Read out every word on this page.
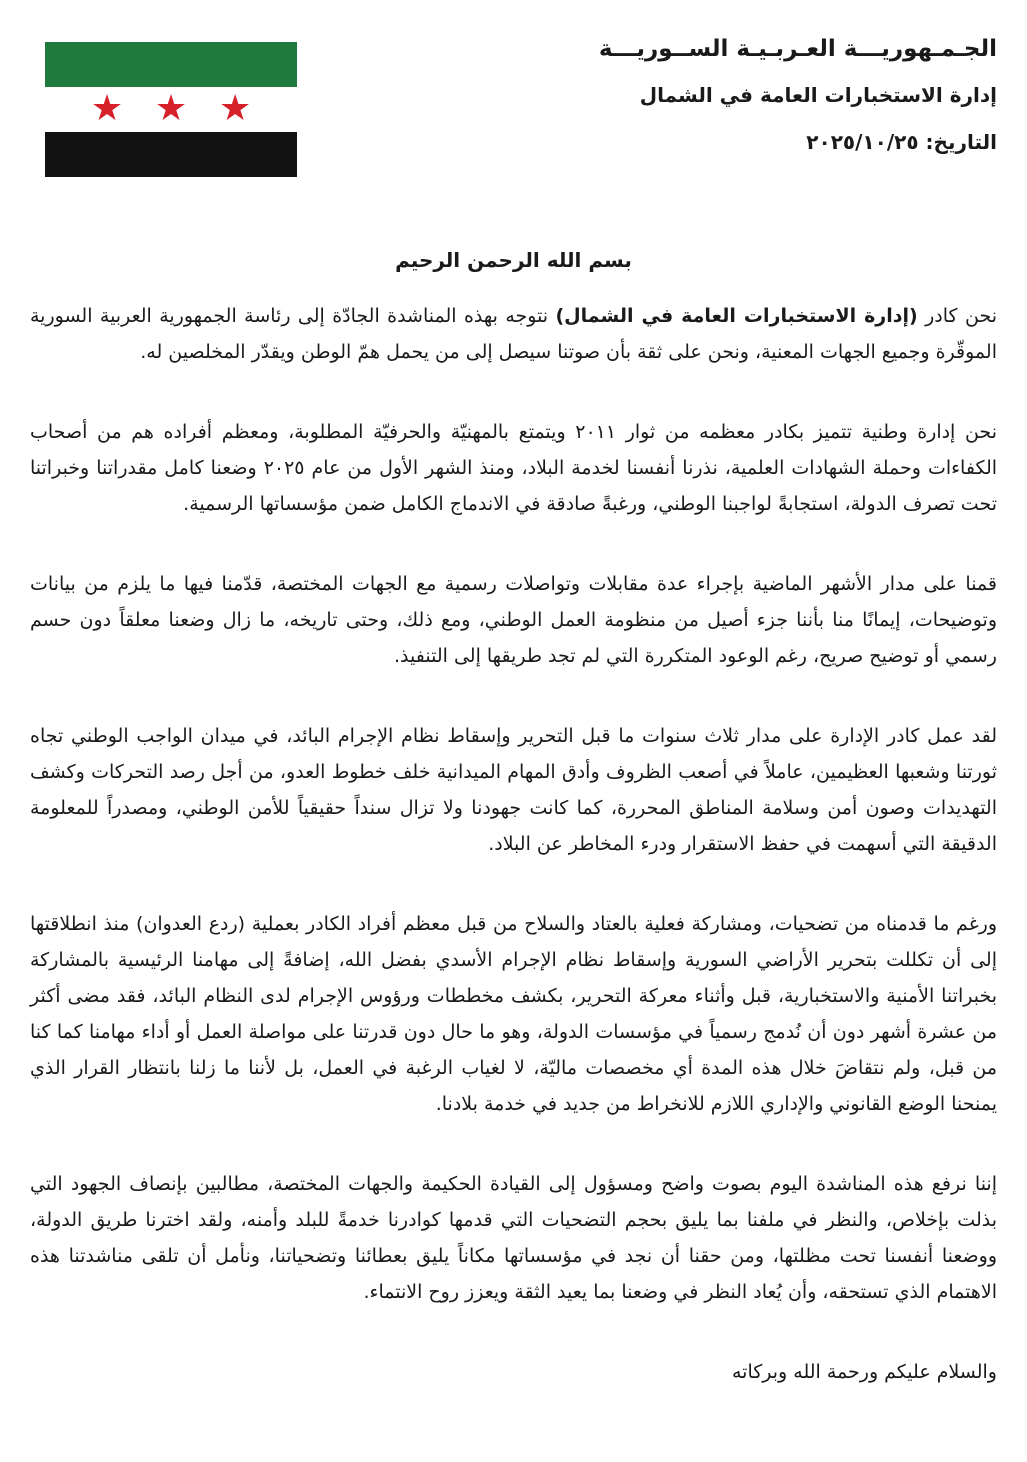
★
★
★
الجـمـهوريـــة العـربـيـة الســوريـــة
إدارة الاستخبارات العامة في الشمال
التاريخ: ٢٠٢٥/١٠/٢٥
بسم الله الرحمن الرحيم

نحن كادر (إدارة الاستخبارات العامة في الشمال) نتوجه بهذه المناشدة الجادّة إلى رئاسة الجمهورية العربية السورية الموقّرة وجميع الجهات المعنية، ونحن على ثقة بأن صوتنا سيصل إلى من يحمل همّ الوطن ويقدّر المخلصين له.

نحن إدارة وطنية تتميز بكادر معظمه من ثوار ٢٠١١ ويتمتع بالمهنيّة والحرفيّة المطلوبة، ومعظم أفراده هم من أصحاب الكفاءات وحملة الشهادات العلمية، نذرنا أنفسنا لخدمة البلاد، ومنذ الشهر الأول من عام ٢٠٢٥ وضعنا كامل مقدراتنا وخبراتنا تحت تصرف الدولة، استجابةً لواجبنا الوطني، ورغبةً صادقة في الاندماج الكامل ضمن مؤسساتها الرسمية.

قمنا على مدار الأشهر الماضية بإجراء عدة مقابلات وتواصلات رسمية مع الجهات المختصة، قدّمنا فيها ما يلزم من بيانات وتوضيحات، إيمانًا منا بأننا جزء أصيل من منظومة العمل الوطني، ومع ذلك، وحتى تاريخه، ما زال وضعنا معلقاً دون حسم رسمي أو توضيح صريح، رغم الوعود المتكررة التي لم تجد طريقها إلى التنفيذ.

لقد عمل كادر الإدارة على مدار ثلاث سنوات ما قبل التحرير وإسقاط نظام الإجرام البائد، في ميدان الواجب الوطني تجاه ثورتنا وشعبها العظيمين، عاملاً في أصعب الظروف وأدق المهام الميدانية خلف خطوط العدو، من أجل رصد التحركات وكشف التهديدات وصون أمن وسلامة المناطق المحررة، كما كانت جهودنا ولا تزال سنداً حقيقياً للأمن الوطني، ومصدراً للمعلومة الدقيقة التي أسهمت في حفظ الاستقرار ودرء المخاطر عن البلاد.

ورغم ما قدمناه من تضحيات، ومشاركة فعلية بالعتاد والسلاح من قبل معظم أفراد الكادر بعملية (ردع العدوان) منذ انطلاقتها إلى أن تكللت بتحرير الأراضي السورية وإسقاط نظام الإجرام الأسدي بفضل الله، إضافةً إلى مهامنا الرئيسية بالمشاركة بخبراتنا الأمنية والاستخبارية، قبل وأثناء معركة التحرير، بكشف مخططات ورؤوس الإجرام لدى النظام البائد، فقد مضى أكثر من عشرة أشهر دون أن نُدمج رسمياً في مؤسسات الدولة، وهو ما حال دون قدرتنا على مواصلة العمل أو أداء مهامنا كما كنا من قبل، ولم نتقاضَ خلال هذه المدة أي مخصصات ماليّة، لا لغياب الرغبة في العمل، بل لأننا ما زلنا بانتظار القرار الذي يمنحنا الوضع القانوني والإداري اللازم للانخراط من جديد في خدمة بلادنا.

إننا نرفع هذه المناشدة اليوم بصوت واضح ومسؤول إلى القيادة الحكيمة والجهات المختصة، مطالبين بإنصاف الجهود التي بذلت بإخلاص، والنظر في ملفنا بما يليق بحجم التضحيات التي قدمها كوادرنا خدمةً للبلد وأمنه، ولقد اخترنا طريق الدولة، ووضعنا أنفسنا تحت مظلتها، ومن حقنا أن نجد في مؤسساتها مكاناً يليق بعطائنا وتضحياتنا، ونأمل أن تلقى مناشدتنا هذه الاهتمام الذي تستحقه، وأن يُعاد النظر في وضعنا بما يعيد الثقة ويعزز روح الانتماء.

والسلام عليكم ورحمة الله وبركاته
